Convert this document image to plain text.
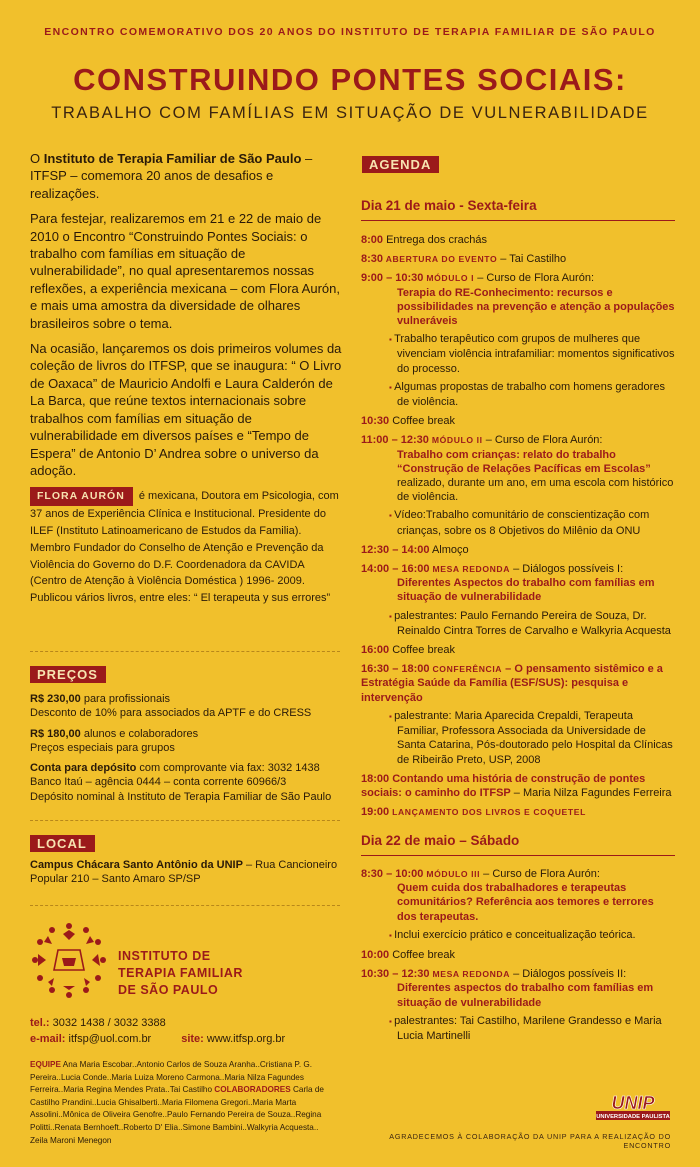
ENCONTRO COMEMORATIVO DOS 20 ANOS DO INSTITUTO DE TERAPIA FAMILIAR DE SÃO PAULO
CONSTRUINDO PONTES SOCIAIS:
TRABALHO COM FAMÍLIAS EM SITUAÇÃO DE VULNERABILIDADE

O Instituto de Terapia Familiar de São Paulo – ITFSP – comemora 20 anos de desafios e realizações.

Para festejar, realizaremos em 21 e 22 de maio de 2010 o Encontro “Construindo Pontes Sociais: o trabalho com famílias em situação de vulnerabilidade”, no qual apresentaremos nossas reflexões, a experiência mexicana – com Flora Aurón, e mais uma amostra da diversidade de olhares brasileiros sobre o tema.

Na ocasião, lançaremos os dois primeiros volumes da coleção de livros do ITFSP, que se inaugura: “ O Livro de Oaxaca” de Mauricio Andolfi e Laura Calderón de La Barca, que reúne textos internacionais sobre trabalhos com famílias em situação de vulnerabilidade em diversos países e “Tempo de Espera” de Antonio D’ Andrea sobre o universo da adoção.

FLORA AURÓN é mexicana, Doutora em Psicologia, com 37 anos de Experiência Clínica e Institucional. Presidente do ILEF (Instituto Latinoamericano de Estudos da Familia). Membro Fundador do Conselho de Atenção e Prevenção da Violência do Governo do D.F. Coordenadora da CAVIDA (Centro de Atenção à Violência Doméstica ) 1996- 2009.
Publicou vários livros, entre eles: “ El terapeuta y sus errores”
PREÇOS
R$ 230,00 para profissionais
Desconto de 10% para associados da APTF e do CRESS
R$ 180,00 alunos e colaboradores
Preços especiais para grupos
Conta para depósito com comprovante via fax: 3032 1438
Banco Itaú – agência 0444 – conta corrente 60966/3
Depósito nominal à Instituto de Terapia Familiar de São Paulo
LOCAL
Campus Chácara Santo Antônio da UNIP – Rua Cancioneiro Popular 210 – Santo Amaro SP/SP
INSTITUTO DE
TERAPIA FAMILIAR
DE SÃO PAULO
tel.: 3032 1438 / 3032 3388
e-mail: itfsp@uol.com.br	site: www.itfsp.org.br
EQUIPE Ana Maria Escobar..Antonio Carlos de Souza Aranha..Cristiana P. G. Pereira..Lucia Conde..Maria Luiza Moreno Carmona..Maria Nilza Fagundes Ferreira..Maria Regina Mendes Prata..Tai Castilho COLABORADORES Carla de Castilho Prandini..Lucia Ghisalberti..Maria Filomena Gregori..Maria Marta Assolini..Mônica de Oliveira Genofre..Paulo Fernando Pereira de Souza..Regina Politti..Renata Bernhoeft..Roberto D' Elia..Simone Bambini..Walkyria Acquesta.. Zeila Maroni Menegon
AGENDA
Dia 21 de maio - Sexta-feira
8:00 Entrega dos crachás
8:30 ABERTURA DO EVENTO – Tai Castilho
9:00 – 10:30 MÓDULO I – Curso de Flora Aurón:
Terapia do RE-Conhecimento: recursos e possibilidades na prevenção e atenção a populações vulneráveis
▪ Trabalho terapêutico com grupos de mulheres que vivenciam violência intrafamiliar: momentos significativos do processo.
▪ Algumas propostas de trabalho com homens geradores de violência.
10:30 Coffee break
11:00 – 12:30 MÓDULO II – Curso de Flora Aurón:
Trabalho com crianças: relato do trabalho “Construção de Relações Pacíficas em Escolas” realizado, durante um ano, em uma escola com histórico de violência.
▪ Vídeo:Trabalho comunitário de conscientização com crianças, sobre os 8 Objetivos do Milênio da ONU
12:30 – 14:00 Almoço
14:00 – 16:00 MESA REDONDA – Diálogos possíveis I:
Diferentes Aspectos do trabalho com famílias em situação de vulnerabilidade
▪ palestrantes: Paulo Fernando Pereira de Souza, Dr. Reinaldo Cintra Torres de Carvalho e Walkyria Acquesta
16:00 Coffee break
16:30 – 18:00 CONFERÊNCIA – O pensamento sistêmico e a Estratégia Saúde da Família (ESF/SUS): pesquisa e intervenção
▪ palestrante: Maria Aparecida Crepaldi, Terapeuta Familiar, Professora Associada da Universidade de Santa Catarina, Pós-doutorado pelo Hospital da Clínicas de Ribeirão Preto, USP, 2008
18:00 Contando uma história de construção de pontes sociais: o caminho do ITFSP – Maria Nilza Fagundes Ferreira
19:00 LANÇAMENTO DOS LIVROS E COQUETEL
Dia 22 de maio – Sábado
8:30 – 10:00 MÓDULO III – Curso de Flora Aurón:
Quem cuida dos trabalhadores e terapeutas comunitários? Referência aos temores e terrores dos terapeutas.
▪ Inclui exercício prático e conceitualização teórica.
10:00 Coffee break
10:30 – 12:30 MESA REDONDA – Diálogos possíveis II:
Diferentes aspectos do trabalho com famílias em situação de vulnerabilidade
▪ palestrantes: Tai Castilho, Marilene Grandesso e Maria Lucia Martinelli
UNIP
UNIVERSIDADE PAULISTA
AGRADECEMOS À COLABORAÇÃO DA UNIP PARA A REALIZAÇÃO DO ENCONTRO
